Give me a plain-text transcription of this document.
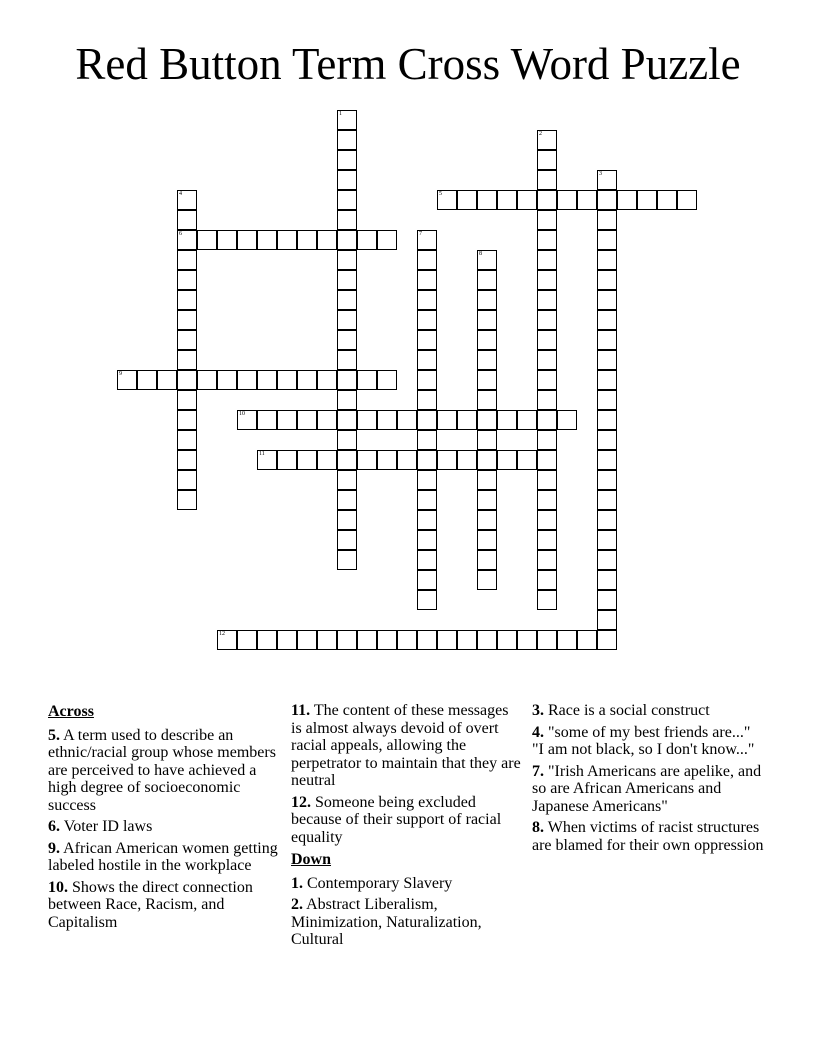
Red Button Term Cross Word Puzzle
1
2
3
4
6
5
7
8
9
10
11
12
Across
5. A term used to describe an ethnic/racial group whose members are perceived to have achieved a high degree of socioeconomic success
6. Voter ID laws
9. African American women getting labeled hostile in the workplace
10. Shows the direct connection between Race, Racism, and Capitalism
11. The content of these messages is almost always devoid of overt racial appeals, allowing the perpetrator to maintain that they are neutral
12. Someone being excluded because of their support of racial equality
Down
1. Contemporary Slavery
2. Abstract Liberalism, Minimization, Naturalization, Cultural
3. Race is a social construct
4. "some of my best friends are..." "I am not black, so I don't know..."
7. "Irish Americans are apelike, and so are African Americans and Japanese Americans"
8. When victims of racist structures are blamed for their own oppression
